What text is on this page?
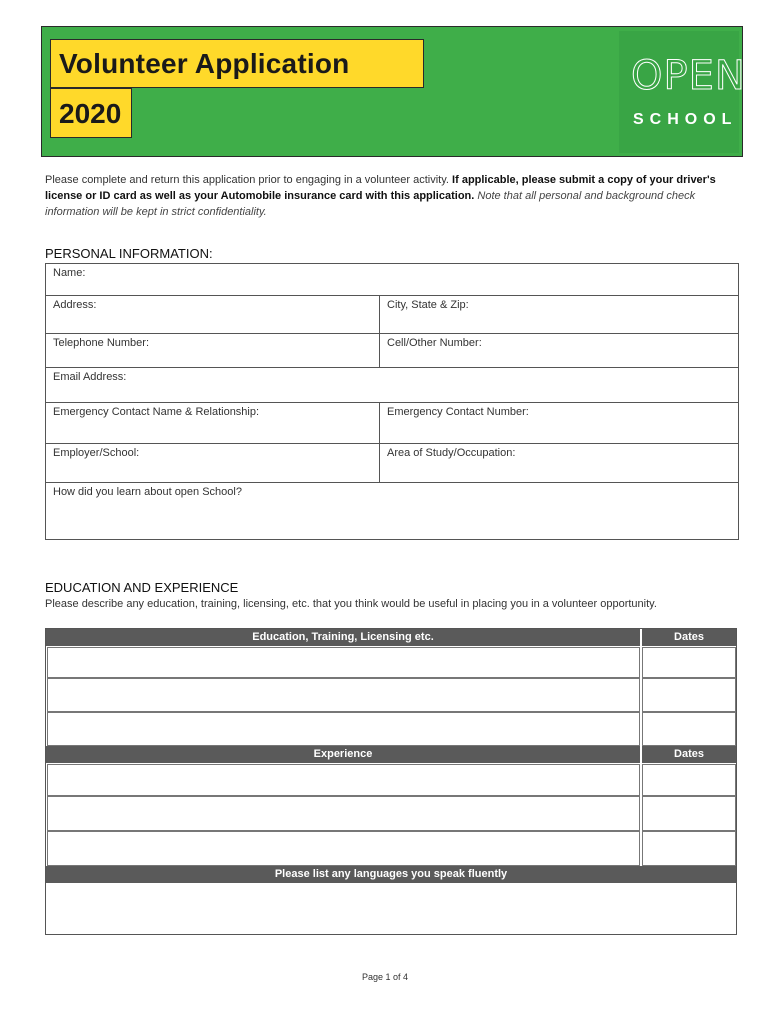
Volunteer Application
2020
OPEN
SCHOOL
Please complete and return this application prior to engaging in a volunteer activity. If applicable, please submit a copy of your driver's license or ID card as well as your Automobile insurance card with this application. Note that all personal and background check information will be kept in strict confidentiality.
PERSONAL INFORMATION:
Name:
Address:	City, State & Zip:
Telephone Number:	Cell/Other Number:
Email Address:
Emergency Contact Name & Relationship:	Emergency Contact Number:
Employer/School:	Area of Study/Occupation:
How did you learn about open School?
EDUCATION AND EXPERIENCE
Please describe any education, training, licensing, etc. that you think would be useful in placing you in a volunteer opportunity.
Education, Training, Licensing etc.	Dates
Experience	Dates
Please list any languages you speak fluently
Page 1 of 4
